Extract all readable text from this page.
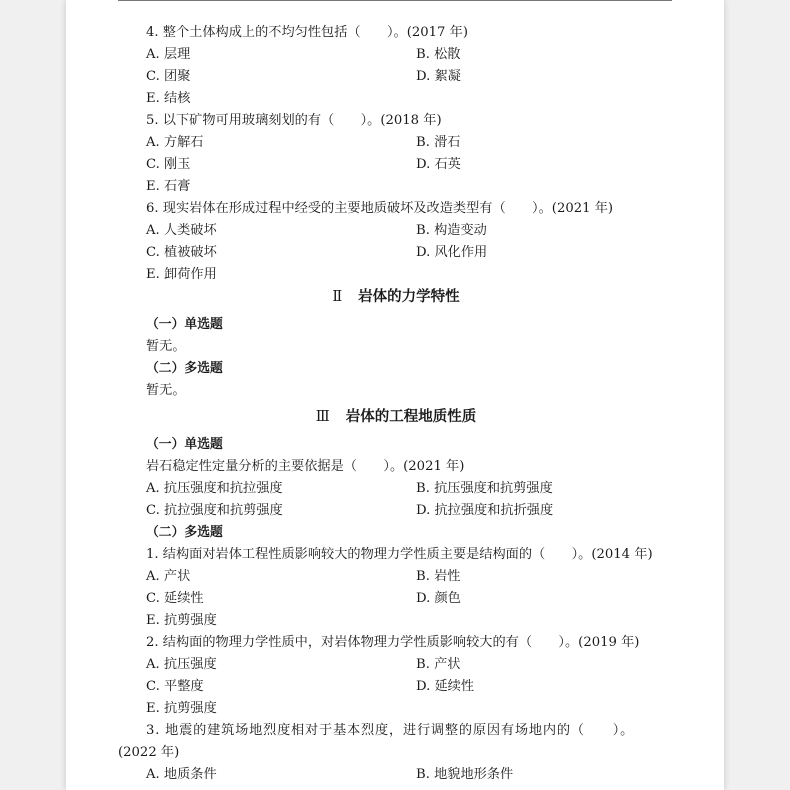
4. 整个土体构成上的不均匀性包括（　　）。(2017 年)
A. 层理	B. 松散
C. 团聚	D. 絮凝
E. 结核
5. 以下矿物可用玻璃刻划的有（　　）。(2018 年)
A. 方解石	B. 滑石
C. 刚玉	D. 石英
E. 石膏
6. 现实岩体在形成过程中经受的主要地质破坏及改造类型有（　　）。(2021 年)
A. 人类破坏	B. 构造变动
C. 植被破坏	D. 风化作用
E. 卸荷作用
Ⅱ 岩体的力学特性
（一）单选题
暂无。
（二）多选题
暂无。
Ⅲ 岩体的工程地质性质
（一）单选题
岩石稳定性定量分析的主要依据是（　　）。(2021 年)
A. 抗压强度和抗拉强度	B. 抗压强度和抗剪强度
C. 抗拉强度和抗剪强度	D. 抗拉强度和抗折强度
（二）多选题
1. 结构面对岩体工程性质影响较大的物理力学性质主要是结构面的（　　）。(2014 年)
A. 产状	B. 岩性
C. 延续性	D. 颜色
E. 抗剪强度
2. 结构面的物理力学性质中，对岩体物理力学性质影响较大的有（　　）。(2019 年)
A. 抗压强度	B. 产状
C. 平整度	D. 延续性
E. 抗剪强度
3. 地震的建筑场地烈度相对于基本烈度，进行调整的原因有场地内的（　　）。
(2022 年)
A. 地质条件	B. 地貌地形条件
